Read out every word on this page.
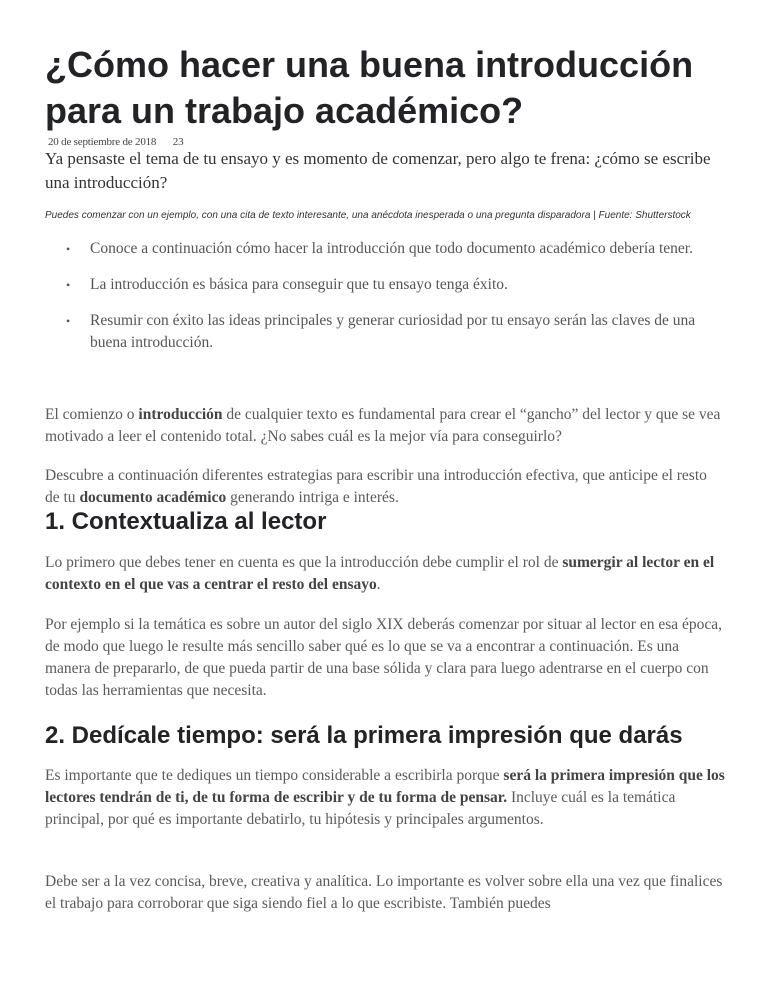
¿Cómo hacer una buena introducción para un trabajo académico?
20 de septiembre de 2018 23

Ya pensaste el tema de tu ensayo y es momento de comenzar, pero algo te frena: ¿cómo se escribe una introducción?

Puedes comenzar con un ejemplo, con una cita de texto interesante, una anécdota inesperada o una pregunta disparadora | Fuente: Shutterstock

• Conoce a continuación cómo hacer la introducción que todo documento académico debería tener.
• La introducción es básica para conseguir que tu ensayo tenga éxito.
• Resumir con éxito las ideas principales y generar curiosidad por tu ensayo serán las claves de una buena introducción.

El comienzo o introducción de cualquier texto es fundamental para crear el “gancho” del lector y que se vea motivado a leer el contenido total. ¿No sabes cuál es la mejor vía para conseguirlo?

Descubre a continuación diferentes estrategias para escribir una introducción efectiva, que anticipe el resto de tu documento académico generando intriga e interés.

1. Contextualiza al lector

Lo primero que debes tener en cuenta es que la introducción debe cumplir el rol de sumergir al lector en el contexto en el que vas a centrar el resto del ensayo.

Por ejemplo si la temática es sobre un autor del siglo XIX deberás comenzar por situar al lector en esa época, de modo que luego le resulte más sencillo saber qué es lo que se va a encontrar a continuación. Es una manera de prepararlo, de que pueda partir de una base sólida y clara para luego adentrarse en el cuerpo con todas las herramientas que necesita.

2. Dedícale tiempo: será la primera impresión que darás

Es importante que te dediques un tiempo considerable a escribirla porque será la primera impresión que los lectores tendrán de ti, de tu forma de escribir y de tu forma de pensar. Incluye cuál es la temática principal, por qué es importante debatirlo, tu hipótesis y principales argumentos.

Debe ser a la vez concisa, breve, creativa y analítica. Lo importante es volver sobre ella una vez que finalices el trabajo para corroborar que siga siendo fiel a lo que escribiste. También puedes
